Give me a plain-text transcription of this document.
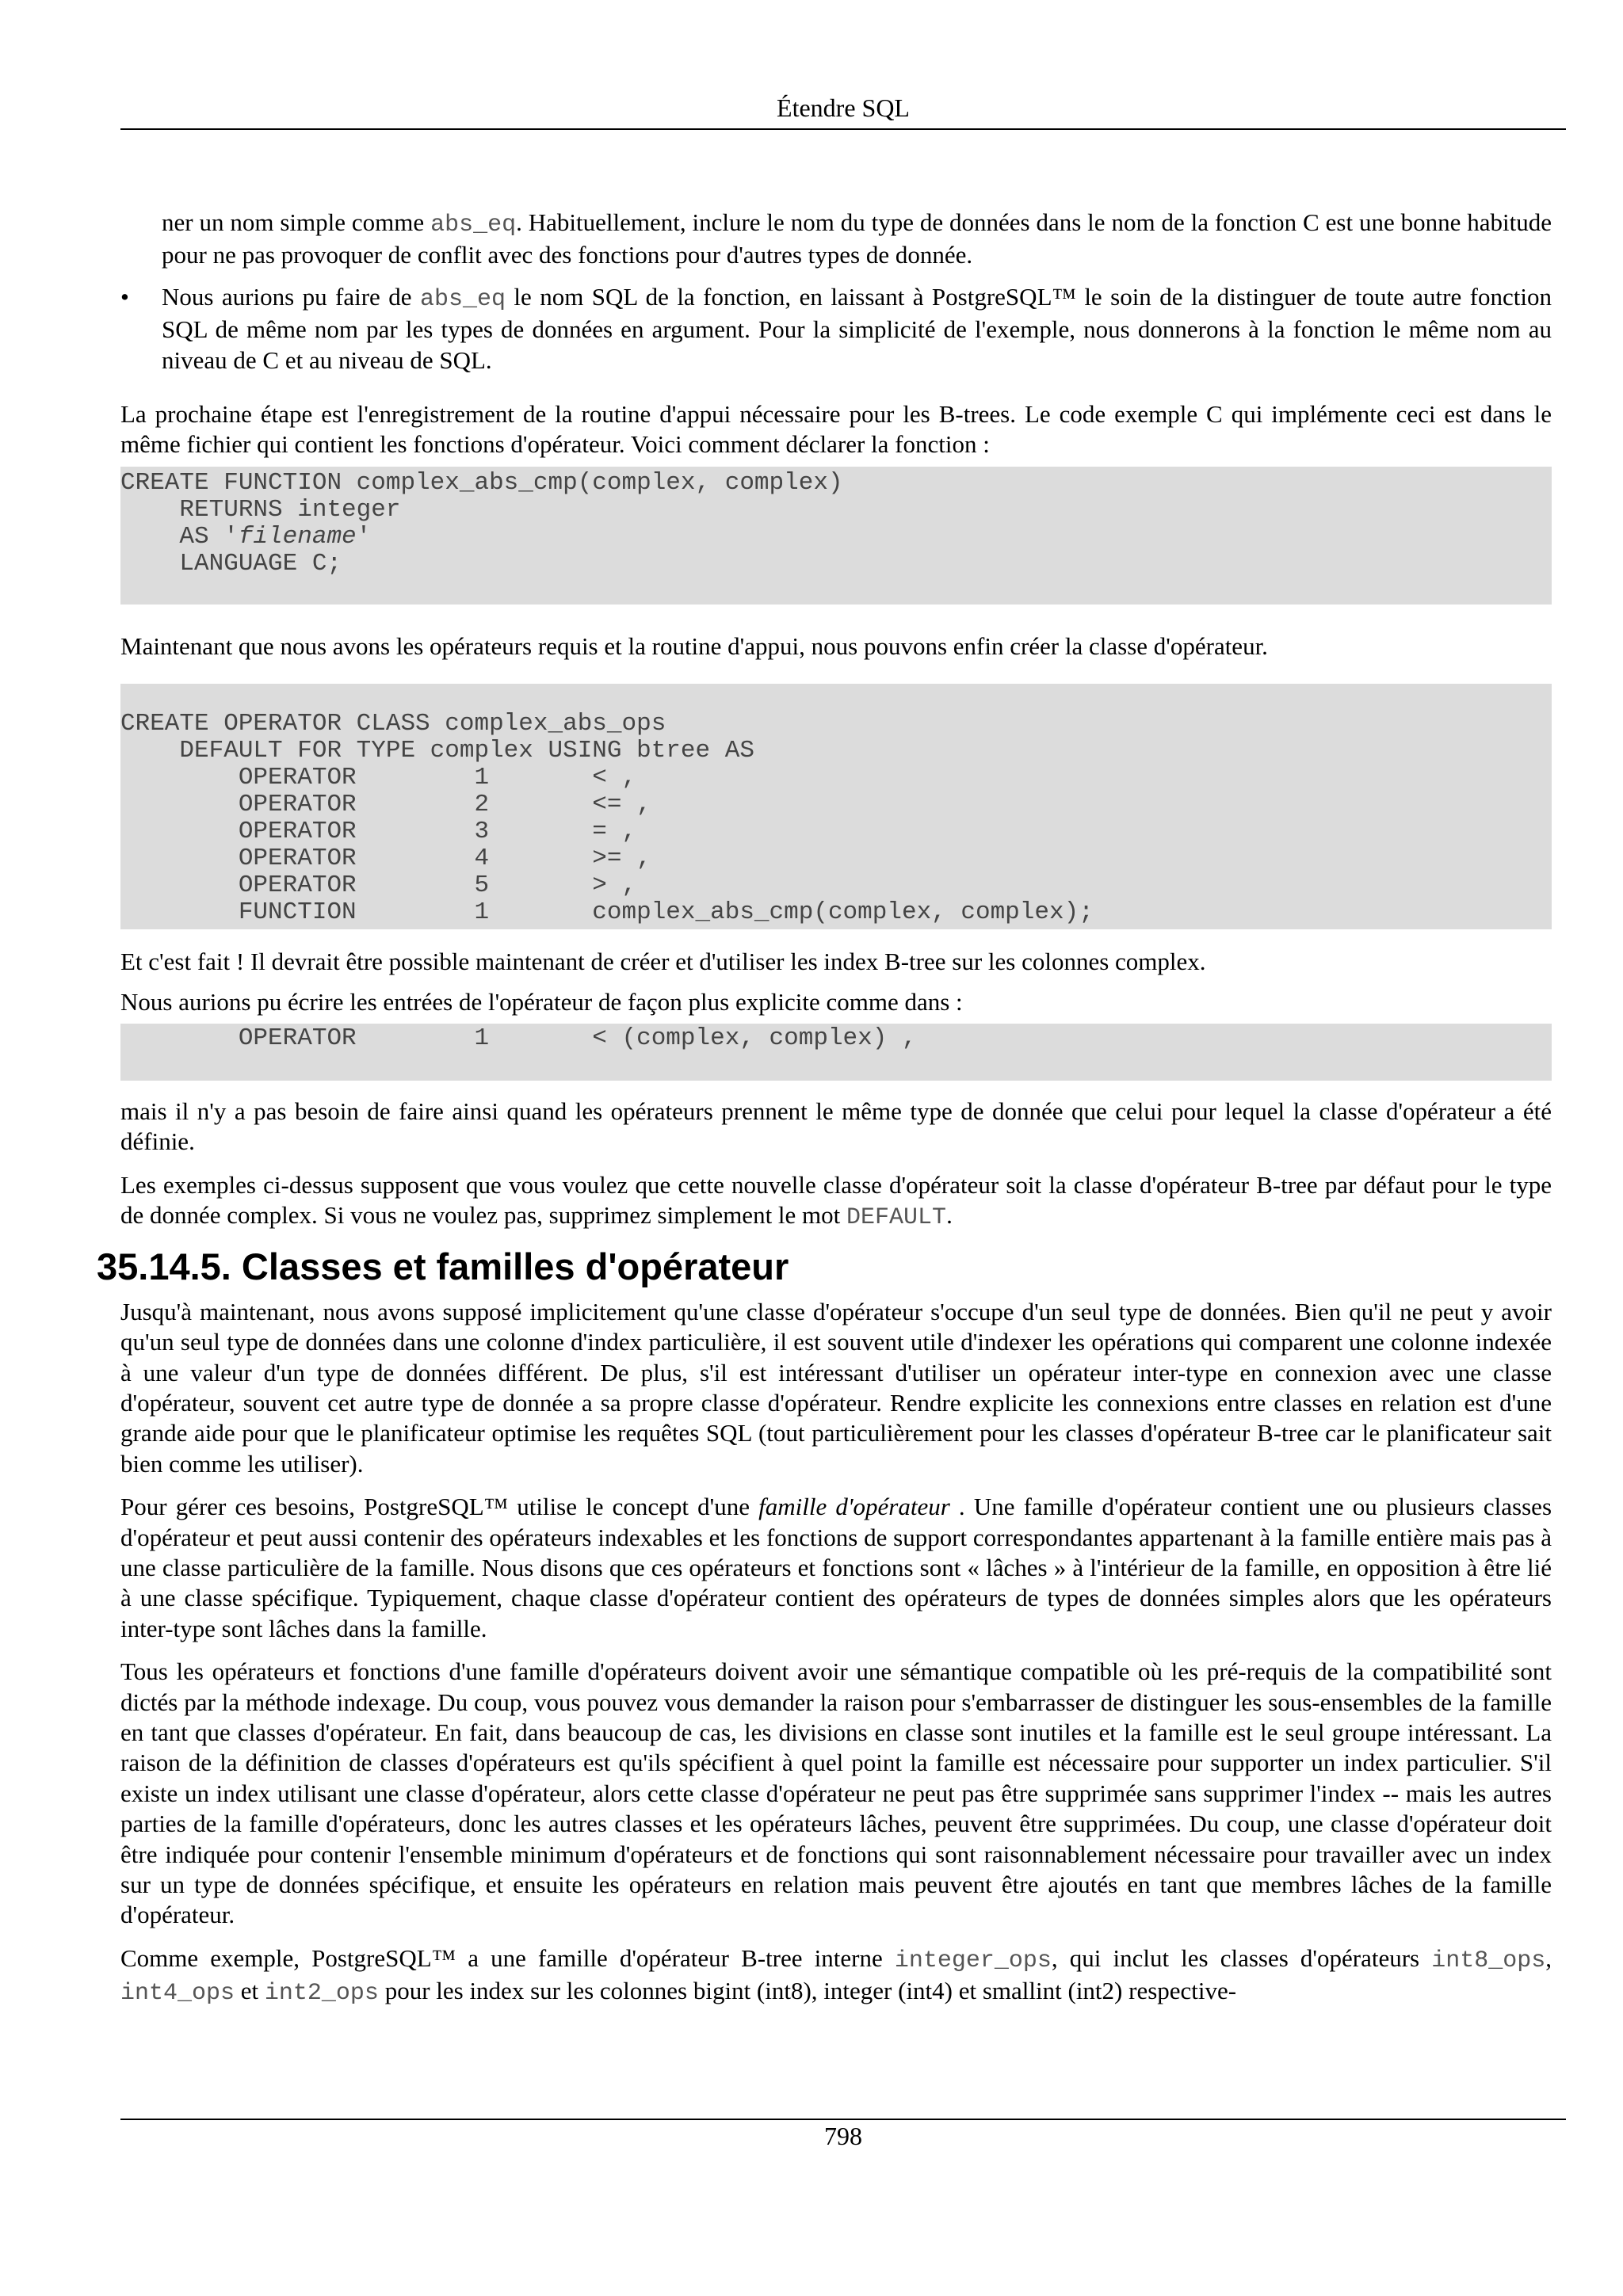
Étendre SQL

ner un nom simple comme abs_eq. Habituellement, inclure le nom du type de données dans le nom de la fonction C est une bonne habitude pour ne pas provoquer de conflit avec des fonctions pour d'autres types de donnée.

• Nous aurions pu faire de abs_eq le nom SQL de la fonction, en laissant à PostgreSQL™ le soin de la distinguer de toute autre fonction SQL de même nom par les types de données en argument. Pour la simplicité de l'exemple, nous donnerons à la fonction le même nom au niveau de C et au niveau de SQL.

La prochaine étape est l'enregistrement de la routine d'appui nécessaire pour les B-trees. Le code exemple C qui implémente ceci est dans le même fichier qui contient les fonctions d'opérateur. Voici comment déclarer la fonction :

CREATE FUNCTION complex_abs_cmp(complex, complex)
RETURNS integer
AS 'filename'
LANGUAGE C;

Maintenant que nous avons les opérateurs requis et la routine d'appui, nous pouvons enfin créer la classe d'opérateur.

CREATE OPERATOR CLASS complex_abs_ops
DEFAULT FOR TYPE complex USING btree AS
OPERATOR        1       < ,
OPERATOR        2       <= ,
OPERATOR        3       = ,
OPERATOR        4       >= ,
OPERATOR        5       > ,
FUNCTION        1       complex_abs_cmp(complex, complex);

Et c'est fait ! Il devrait être possible maintenant de créer et d'utiliser les index B-tree sur les colonnes complex.

Nous aurions pu écrire les entrées de l'opérateur de façon plus explicite comme dans :

OPERATOR        1       < (complex, complex) ,

mais il n'y a pas besoin de faire ainsi quand les opérateurs prennent le même type de donnée que celui pour lequel la classe d'opérateur a été définie.

Les exemples ci-dessus supposent que vous voulez que cette nouvelle classe d'opérateur soit la classe d'opérateur B-tree par défaut pour le type de donnée complex. Si vous ne voulez pas, supprimez simplement le mot DEFAULT.

35.14.5. Classes et familles d'opérateur

Jusqu'à maintenant, nous avons supposé implicitement qu'une classe d'opérateur s'occupe d'un seul type de données. Bien qu'il ne peut y avoir qu'un seul type de données dans une colonne d'index particulière, il est souvent utile d'indexer les opérations qui comparent une colonne indexée à une valeur d'un type de données différent. De plus, s'il est intéressant d'utiliser un opérateur inter-type en connexion avec une classe d'opérateur, souvent cet autre type de donnée a sa propre classe d'opérateur. Rendre explicite les connexions entre classes en relation est d'une grande aide pour que le planificateur optimise les requêtes SQL (tout particulièrement pour les classes d'opérateur B-tree car le planificateur sait bien comme les utiliser).

Pour gérer ces besoins, PostgreSQL™ utilise le concept d'une famille d'opérateur . Une famille d'opérateur contient une ou plusieurs classes d'opérateur et peut aussi contenir des opérateurs indexables et les fonctions de support correspondantes appartenant à la famille entière mais pas à une classe particulière de la famille. Nous disons que ces opérateurs et fonctions sont « lâches » à l'intérieur de la famille, en opposition à être lié à une classe spécifique. Typiquement, chaque classe d'opérateur contient des opérateurs de types de données simples alors que les opérateurs inter-type sont lâches dans la famille.

Tous les opérateurs et fonctions d'une famille d'opérateurs doivent avoir une sémantique compatible où les pré-requis de la compatibilité sont dictés par la méthode indexage. Du coup, vous pouvez vous demander la raison pour s'embarrasser de distinguer les sous-ensembles de la famille en tant que classes d'opérateur. En fait, dans beaucoup de cas, les divisions en classe sont inutiles et la famille est le seul groupe intéressant. La raison de la définition de classes d'opérateurs est qu'ils spécifient à quel point la famille est nécessaire pour supporter un index particulier. S'il existe un index utilisant une classe d'opérateur, alors cette classe d'opérateur ne peut pas être supprimée sans supprimer l'index -- mais les autres parties de la famille d'opérateurs, donc les autres classes et les opérateurs lâches, peuvent être supprimées. Du coup, une classe d'opérateur doit être indiquée pour contenir l'ensemble minimum d'opérateurs et de fonctions qui sont raisonnablement nécessaire pour travailler avec un index sur un type de données spécifique, et ensuite les opérateurs en relation mais peuvent être ajoutés en tant que membres lâches de la famille d'opérateur.

Comme exemple, PostgreSQL™ a une famille d'opérateur B-tree interne integer_ops, qui inclut les classes d'opérateurs int8_ops, int4_ops et int2_ops pour les index sur les colonnes bigint (int8), integer (int4) et smallint (int2) respective-

798
